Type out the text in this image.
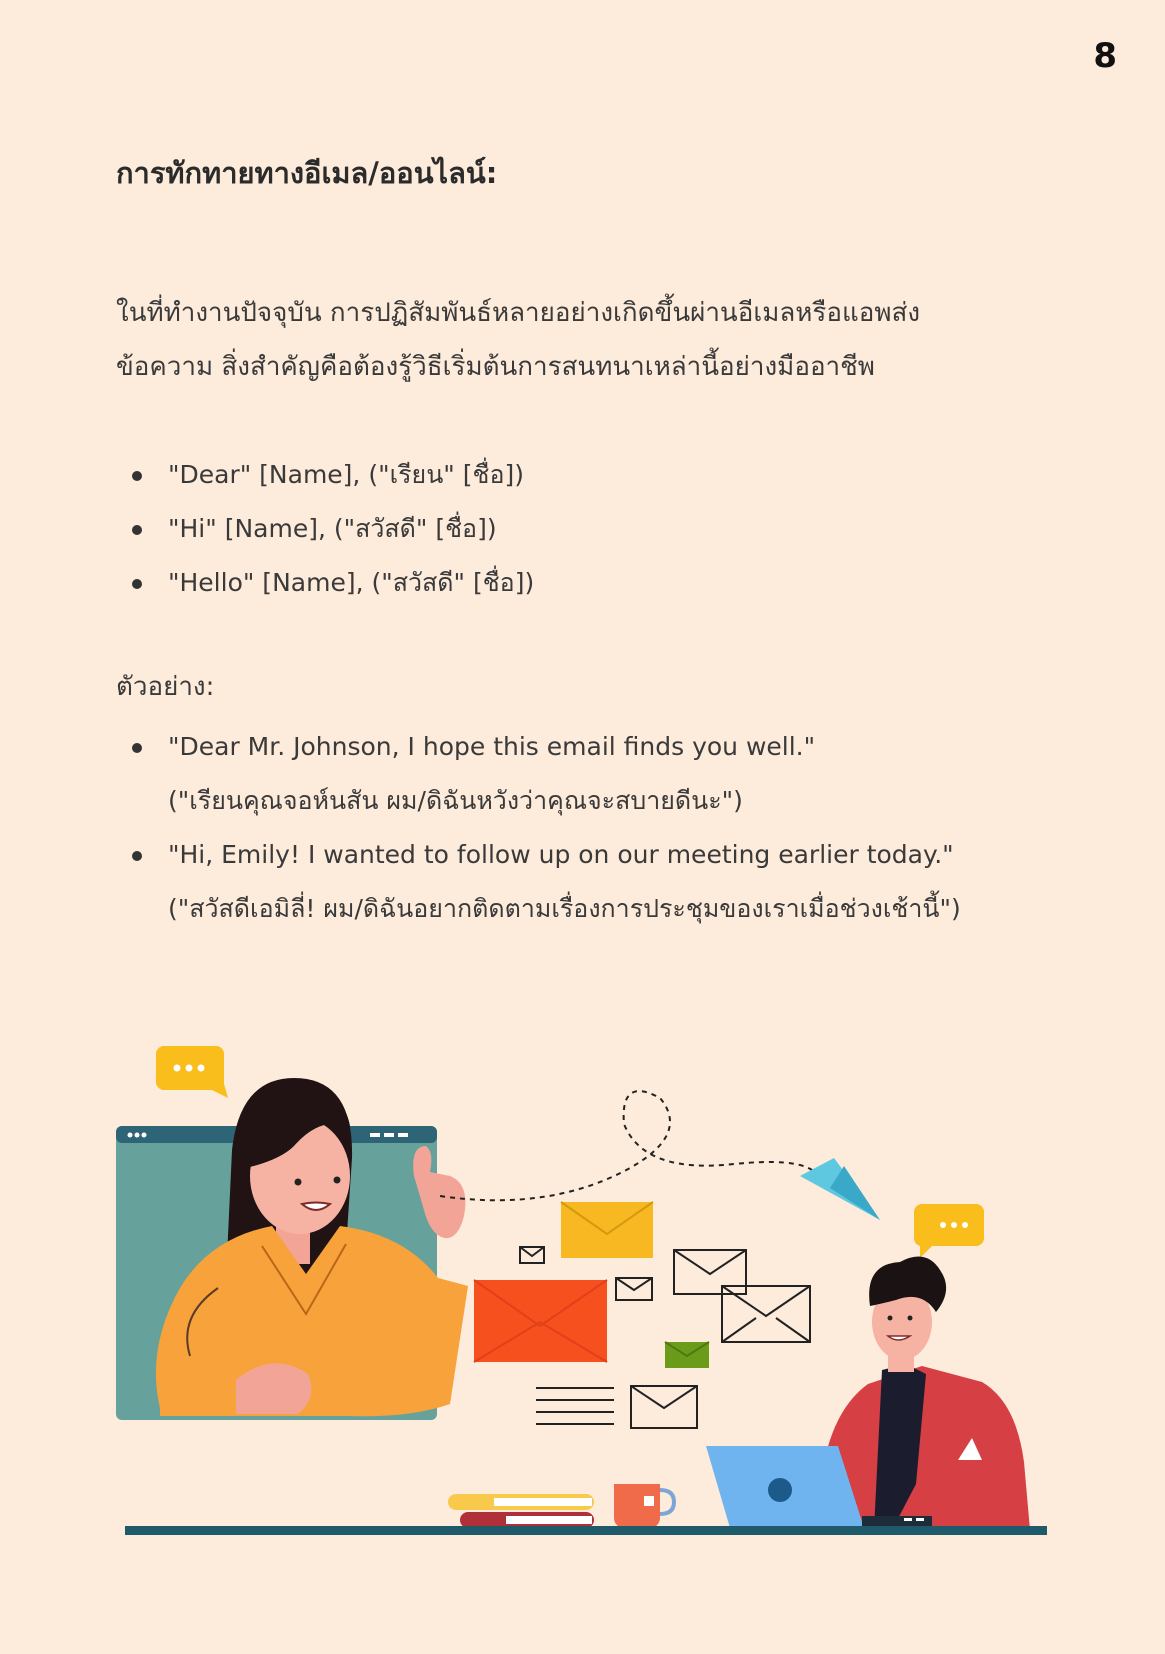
8
การทักทายทางอีเมล/ออนไลน์:

ในที่ทำงานปัจจุบัน การปฏิสัมพันธ์หลายอย่างเกิดขึ้นผ่านอีเมลหรือแอพส่ง
ข้อความ สิ่งสำคัญคือต้องรู้วิธีเริ่มต้นการสนทนาเหล่านี้อย่างมืออาชีพ

"Dear" [Name], ("เรียน" [ชื่อ])
"Hi" [Name], ("สวัสดี" [ชื่อ])
"Hello" [Name], ("สวัสดี" [ชื่อ])

ตัวอย่าง:

"Dear Mr. Johnson, I hope this email finds you well."
("เรียนคุณจอห์นสัน ผม/ดิฉันหวังว่าคุณจะสบายดีนะ")
"Hi, Emily! I wanted to follow up on our meeting earlier today."
("สวัสดีเอมิลี่! ผม/ดิฉันอยากติดตามเรื่องการประชุมของเราเมื่อช่วงเช้านี้")
